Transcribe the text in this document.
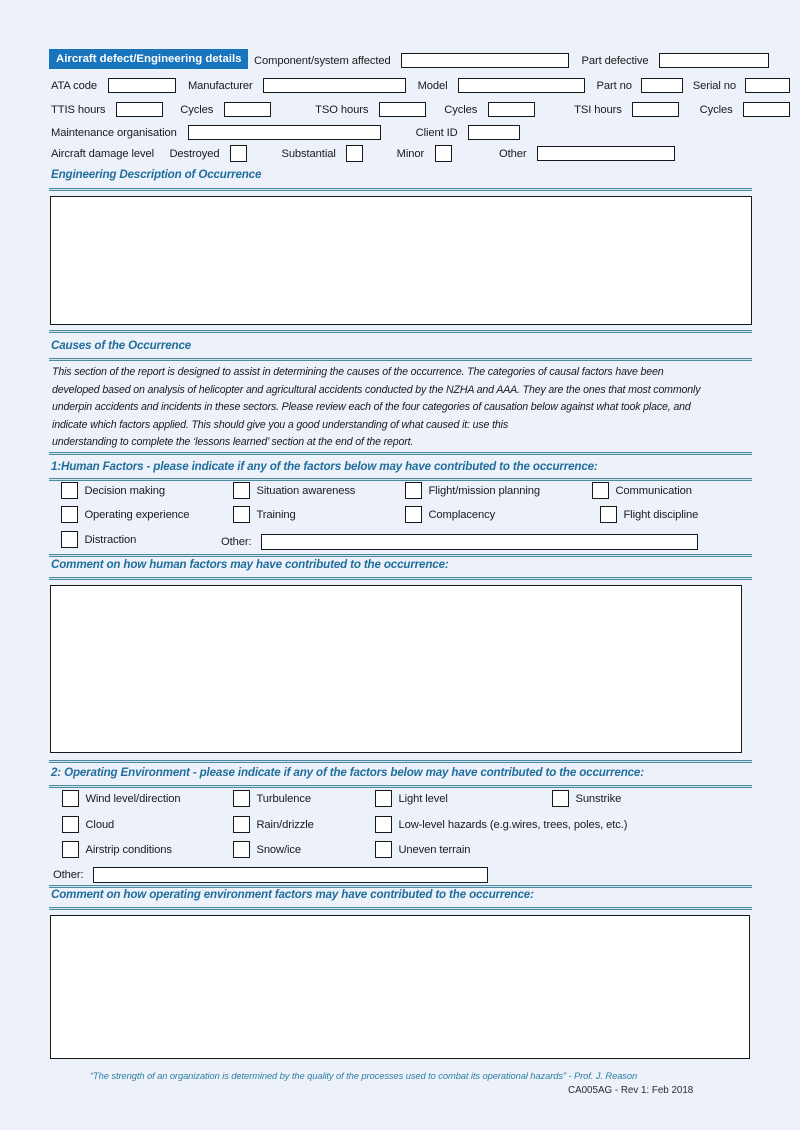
Aircraft defect/Engineering details	Component/system affected	Part defective
ATA code	Manufacturer	Model	Part no	Serial no
TTIS hours	Cycles	TSO hours	Cycles	TSI hours	Cycles
Maintenance organisation	Client ID
Aircraft damage level Destroyed	Substantial	Minor	Other
Engineering Description of Occurrence
Causes of the Occurrence
This section of the report is designed to assist in determining the causes of the occurrence. The categories of causal factors have been
developed based on analysis of helicopter and agricultural accidents conducted by the NZHA and AAA. They are the ones that most commonly
underpin accidents and incidents in these sectors. Please review each of the four categories of causation below against what took place, and
indicate which factors applied. This should give you a good understanding of what caused it: use this
understanding to complete the ‘lessons learned’ section at the end of the report.
1:Human Factors - please indicate if any of the factors below may have contributed to the occurrence:
Decision making	Situation awareness	Flight/mission planning	Communication
Operating experience	Training	Complacency	Flight discipline
Distraction	Other:
Comment on how human factors may have contributed to the occurrence:
2: Operating Environment - please indicate if any of the factors below may have contributed to the occurrence:
Wind level/direction	Turbulence	Light level	Sunstrike
Cloud	Rain/drizzle	Low-level hazards (e.g.wires, trees, poles, etc.)
Airstrip conditions	Snow/ice	Uneven terrain
Other:
Comment on how operating environment factors may have contributed to the occurrence:
“The strength of an organization is determined by the quality of the processes used to combat its operational hazards” - Prof. J. Reason
CA005AG - Rev 1: Feb 2018
